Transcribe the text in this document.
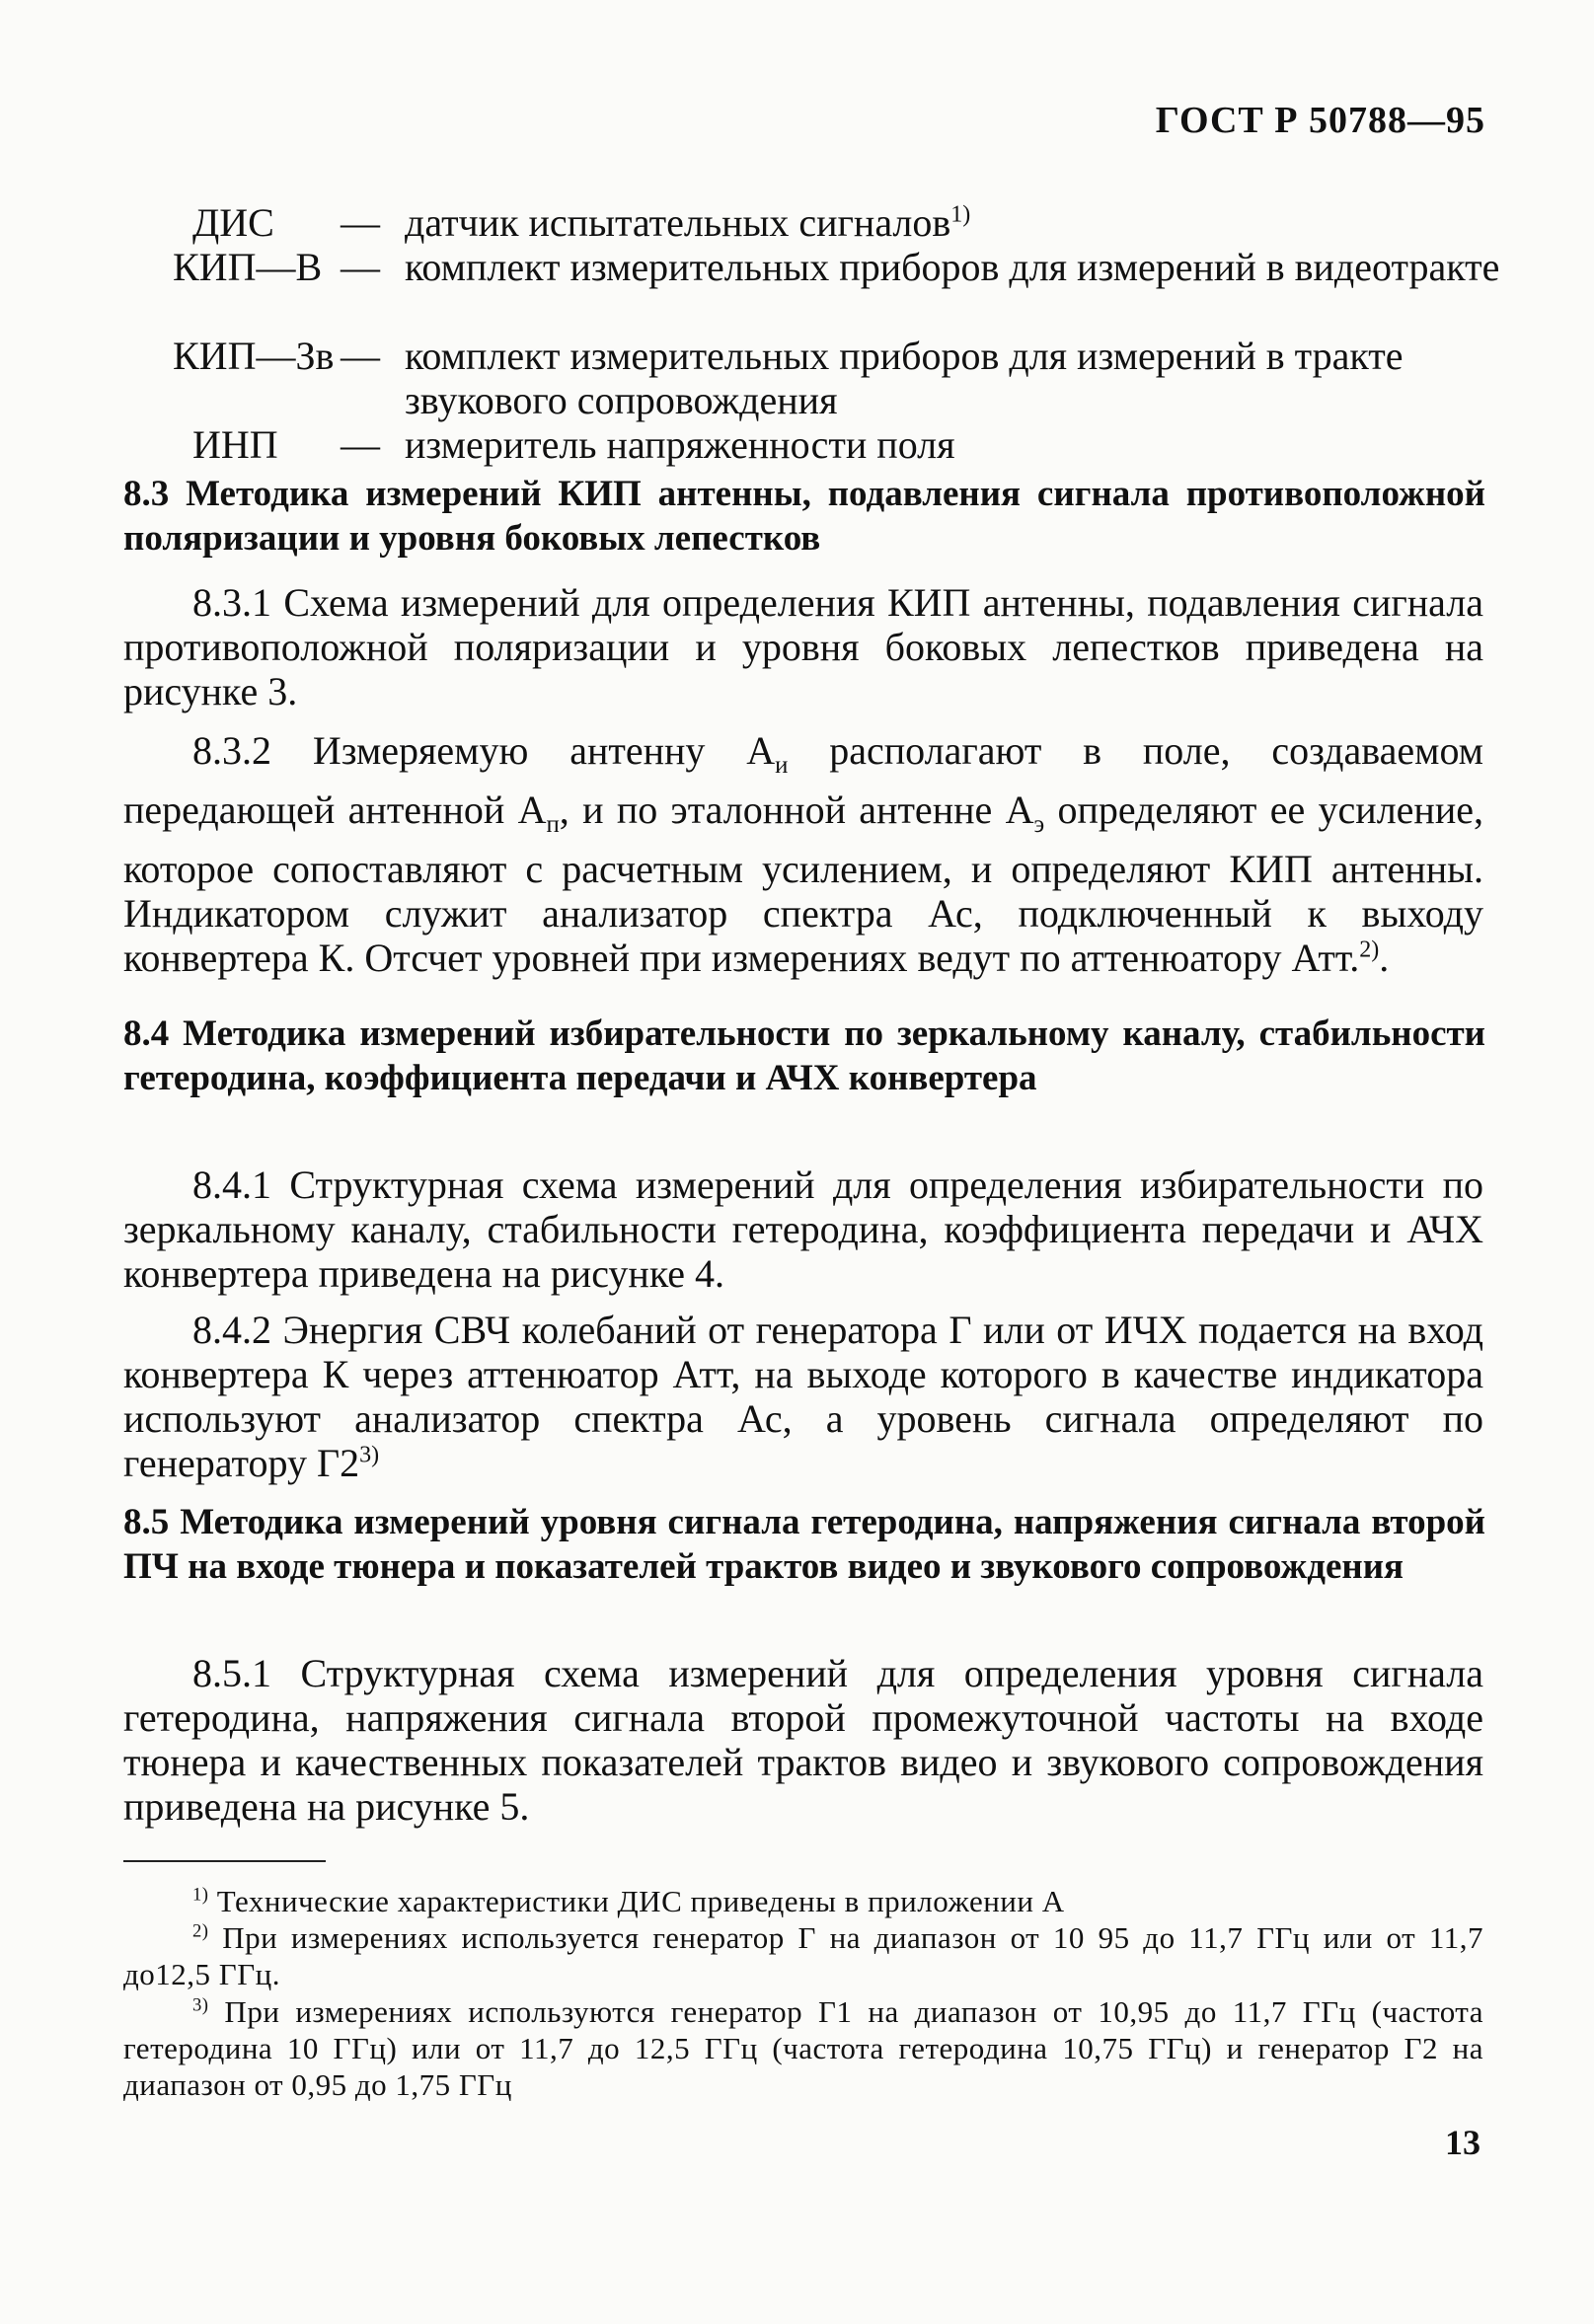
ГОСТ Р 50788—95
ДИС — датчик испытательных сигналов$^{1)}$
КИП—В — комплект измерительных приборов для измерений в видеотракте
КИП—Зв — комплект измерительных приборов для измерений в тракте звукового сопровождения
ИНП — измеритель напряженности поля
8.3 Методика измерений КИП антенны, подавления сигнала противоположной поляризации и уровня боковых лепестков
8.3.1 Схема измерений для определения КИП антенны, подавления сигнала противоположной поляризации и уровня боковых лепестков приведена на рисунке 3.
8.3.2 Измеряемую антенну $А_и$ располагают в поле, создаваемом передающей антенной $А_п$, и по эталонной антенне $А_э$ определяют ее усиление, которое сопоставляют с расчетным усилением, и определяют КИП антенны. Индикатором служит анализатор спектра Ас, подключенный к выходу конвертера К. Отсчет уровней при измерениях ведут по аттенюатору Атт.$^{2)}$.
8.4 Методика измерений избирательности по зеркальному каналу, стабильности гетеродина, коэффициента передачи и АЧХ конвертера
8.4.1 Структурная схема измерений для определения избирательности по зеркальному каналу, стабильности гетеродина, коэффициента передачи и АЧХ конвертера приведена на рисунке 4.
8.4.2 Энергия СВЧ колебаний от генератора Г или от ИЧХ подается на вход конвертера К через аттенюатор Атт, на выходе которого в качестве индикатора используют анализатор спектра Ас, а уровень сигнала определяют по генератору Г2$^{3)}$
8.5 Методика измерений уровня сигнала гетеродина, напряжения сигнала второй ПЧ на входе тюнера и показателей трактов видео и звукового сопровождения
8.5.1 Структурная схема измерений для определения уровня сигнала гетеродина, напряжения сигнала второй промежуточной частоты на входе тюнера и качественных показателей трактов видео и звукового сопровождения приведена на рисунке 5.
$^{1)}$ Технические характеристики ДИС приведены в приложении А
$^{2)}$ При измерениях используется генератор Г на диапазон от 10 95 до 11,7 ГГц или от 11,7 до12,5 ГГц.
$^{3)}$ При измерениях используются генератор Г1 на диапазон от 10,95 до 11,7 ГГц (частота гетеродина 10 ГГц) или от 11,7 до 12,5 ГГц (частота гетеродина 10,75 ГГц) и генератор Г2 на диапазон от 0,95 до 1,75 ГГц
13
